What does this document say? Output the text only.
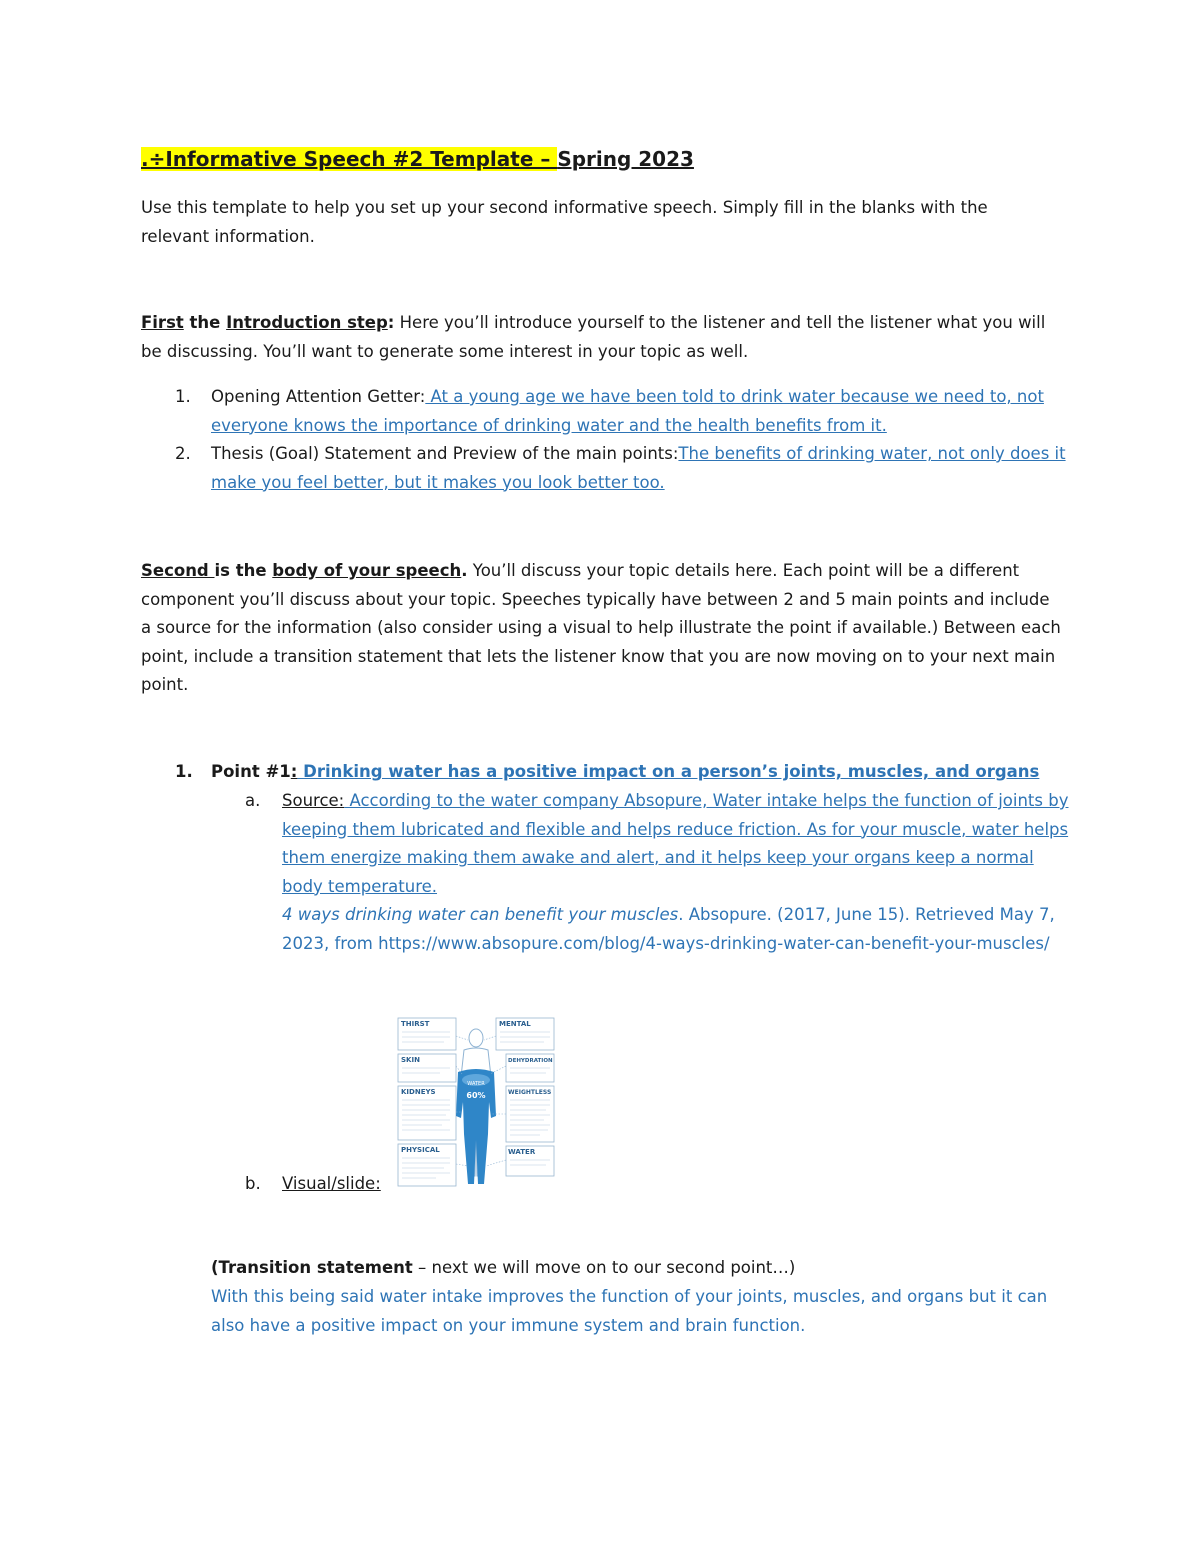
.÷Informative Speech #2 Template – Spring 2023
Use this template to help you set up your second informative speech. Simply fill in the blanks with the relevant information.
First the Introduction step: Here you’ll introduce yourself to the listener and tell the listener what you will be discussing. You’ll want to generate some interest in your topic as well.
1. Opening Attention Getter: At a young age we have been told to drink water because we need to, not everyone knows the importance of drinking water and the health benefits from it.
2. Thesis (Goal) Statement and Preview of the main points:The benefits of drinking water, not only does it make you feel better, but it makes you look better too.
Second is the body of your speech. You’ll discuss your topic details here. Each point will be a different component you’ll discuss about your topic. Speeches typically have between 2 and 5 main points and include a source for the information (also consider using a visual to help illustrate the point if available.) Between each point, include a transition statement that lets the listener know that you are now moving on to your next main point.
1. Point #1: Drinking water has a positive impact on a person’s joints, muscles, and organs
a. Source: According to the water company Absopure, Water intake helps the function of joints by keeping them lubricated and flexible and helps reduce friction. As for your muscle, water helps them energize making them awake and alert, and it helps keep your organs keep a normal body temperature.
4 ways drinking water can benefit your muscles. Absopure. (2017, June 15). Retrieved May 7, 2023, from https://www.absopure.com/blog/4-ways-drinking-water-can-benefit-your-muscles/
b. Visual/slide:
THIRST
SKIN
KIDNEYS
PHYSICAL
MENTAL
DEHYDRATION
WEIGHTLESS
WATER
WATER
60%
(Transition statement – next we will move on to our second point…)
With this being said water intake improves the function of your joints, muscles, and organs but it can also have a positive impact on your immune system and brain function.
